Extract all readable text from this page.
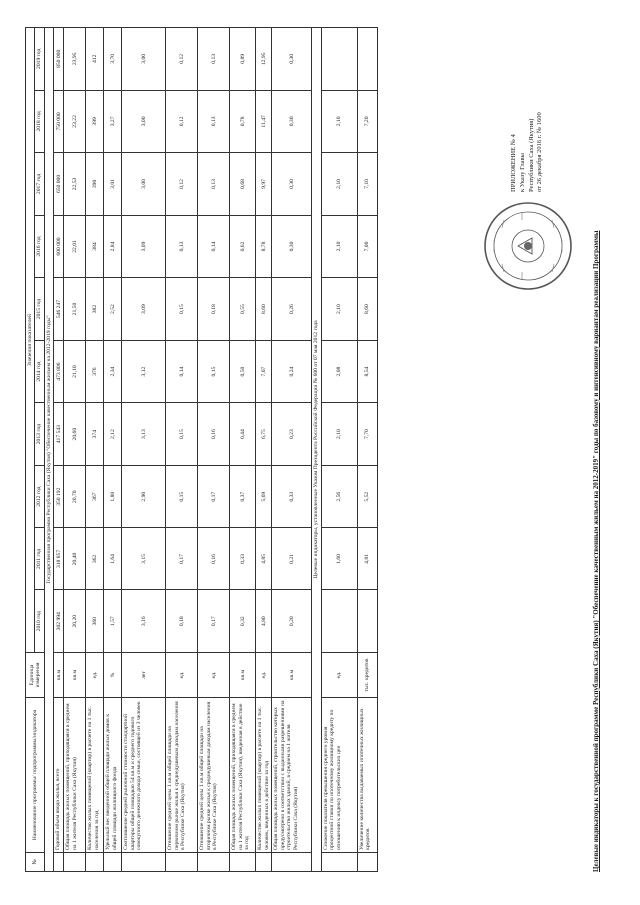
ПРИЛОЖЕНИЕ № 4 к Указу Главы Республики Саха (Якутия) от 26 декабря 2016 г. № 1600
Целевые индикаторы к государственной программе Республики Саха (Якутия) "Обеспечение качественным жильем на 2012-2019" годы по базовому и интенсивному вариантам реализации Программы
№	Наименование программы/ подпрограммы/индикатора	Единица измерения	Значения показателей									
			2010 год	2011 год	2012 год	2013 год	2014 год	2015 год	2016 год	2017 год	2018 год	2019 год
Государственная программа Республики Саха (Якутия) "Обеспечение качественным жильем на 2012-2019 годы"												
	Годовой объем ввода жилья, всего	кв.м	302 994	318 857	350 192	417 543	473 806	546 247	600 000	650 000	750 000	850 000
	Общая площадь жилых помещений, приходящаяся в среднем на 1 жителя Республики Саха (Якутия)	кв.м	20,20	20,40	20,70	20,60	21,10	21,50	22,01	22,53	23,22	23,95
	Количество жилых помещений (квартир) в расчете на 1 тыс. населения за год	ед.	360	362	367	374	376	382	384	390	399	412
	Удельный вес введенной общей площади жилых домов к общей площади жилищного фонда	%	1,57	1,64	1,80	2,12	2,34	2,52	2,84	3,01	3,27	3,70
	Соотношение средней рыночной стоимости стандартной квартиры общей площадью 54 кв.м и среднего годового совокупного денежного дохода семьи, состоящей из 3 человек	лет	3,16	3,15	2,90	3,13	3,12	3,09	3,09	3,00	3,00	3,00
	Отношение средней цены 1 кв.м общей площади на первичном рынке жилья к среднедушевым доходам населения в Республике Саха (Якутия)	ед.	0,18	0,17	0,15	0,15	0,14	0,15	0,13	0,12	0,12	0,12
	Отношение средней цены 1 кв.м общей площади на вторичном рынке жилья к среднедушевым доходам населения в Республике Саха (Якутия)	ед.	0,17	0,16	0,17	0,16	0,15	0,18	0,14	0,13	0,13	0,13
	Общая площадь жилых помещений, приходящаяся в среднем на 1 жителя Республики Саха (Якутия), введенная в действие за год	кв.м	0,32	0,33	0,37	0,44	0,50	0,55	0,62	0,68	0,78	0,89
	Количество жилых помещений (квартир) в расчете на 1 тыс. человек, введенных в действие за год	ед.	4,80	4,85	5,69	6,75	7,07	8,60	8,78	9,97	11,47	12,95
	Общая площадь жилых помещений, строительство которых предусмотрено в соответствии с выданными разрешениями на строительство жилых зданий, в среднем на 1 жителя Республики Саха (Якутия)	кв.м	0,20	0,21	0,33	0,23	0,24	0,26	0,30	0,30	0,30	0,30
Целевые индикаторы, установленные Указом Президента Российской Федерации № 600 от 07 мая 2012 года												
	Снижение показателя превышения среднего уровня процентной ставки по ипотечному жилищному кредиту по отношению к индексу потребительских цен	ед.		1,60	2,56	2,10	2,08	2,10	2,10	2,10	2,10	
	Увеличение количества выдаваемых ипотечных жилищных кредитов	тыс. кредитов		4,81	5,52	7,70	8,54	8,60	7,00	7,10	7,20	
